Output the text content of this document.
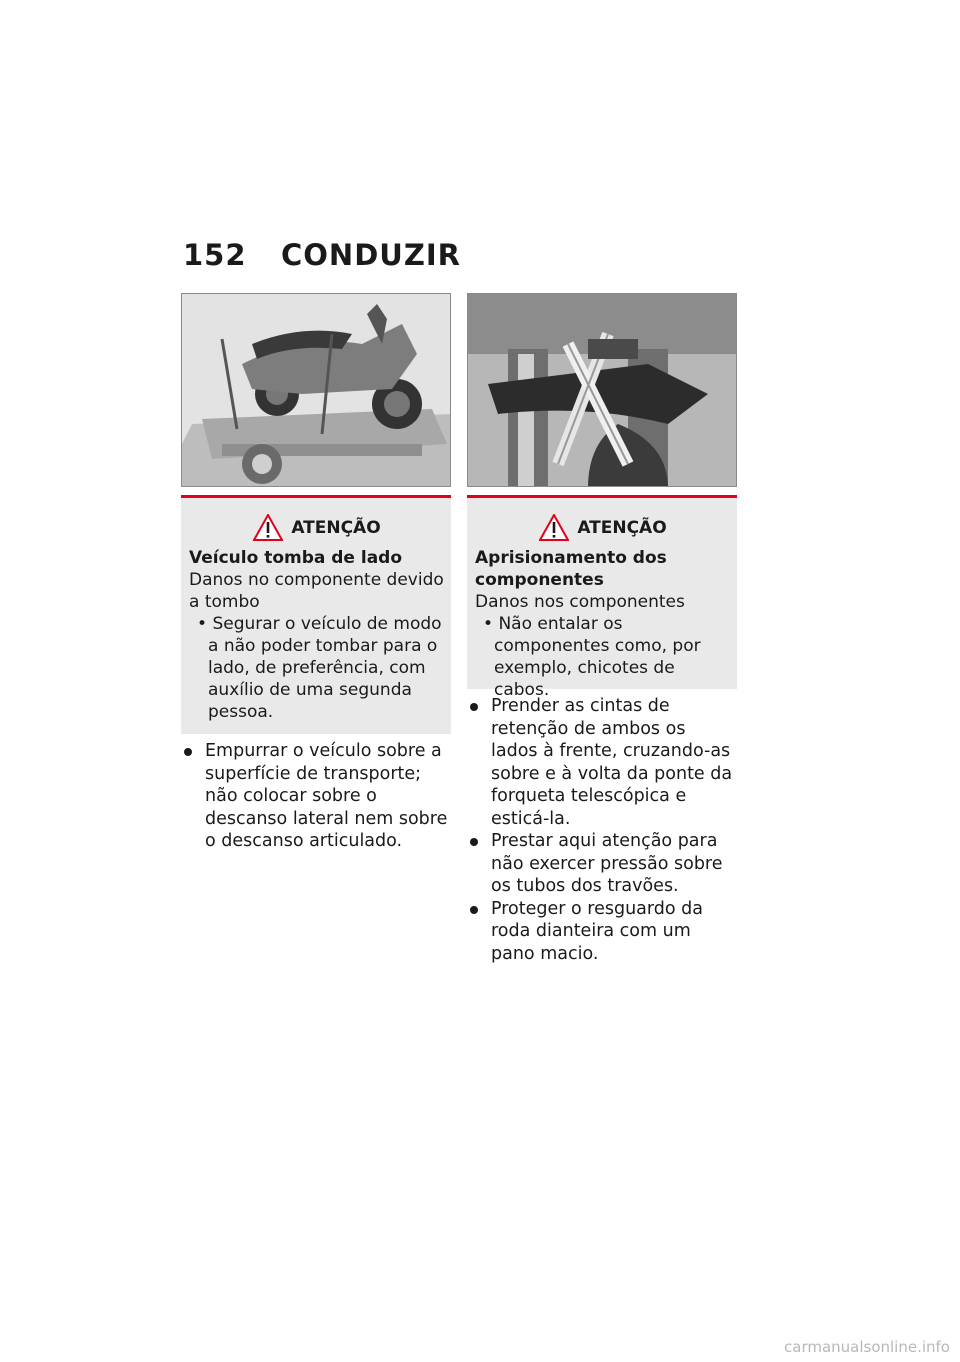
152 CONDUZIR
ATENÇÃO
Veículo tomba de lado
Danos no componente devido a tombo
• Segurar o veículo de modo a não poder tombar para o lado, de preferência, com auxílio de uma segunda pessoa.
Empurrar o veículo sobre a superfície de transporte; não colocar sobre o descanso lateral nem sobre o descanso articulado.
ATENÇÃO
Aprisionamento dos componentes
Danos nos componentes
• Não entalar os componentes como, por exemplo, chicotes de cabos.
Prender as cintas de retenção de ambos os lados à frente, cruzando-as sobre e à volta da ponte da forqueta telescópica e esticá-la.
Prestar aqui atenção para não exercer pressão sobre os tubos dos travões.
Proteger o resguardo da roda dianteira com um pano macio.
carmanualsonline.info
